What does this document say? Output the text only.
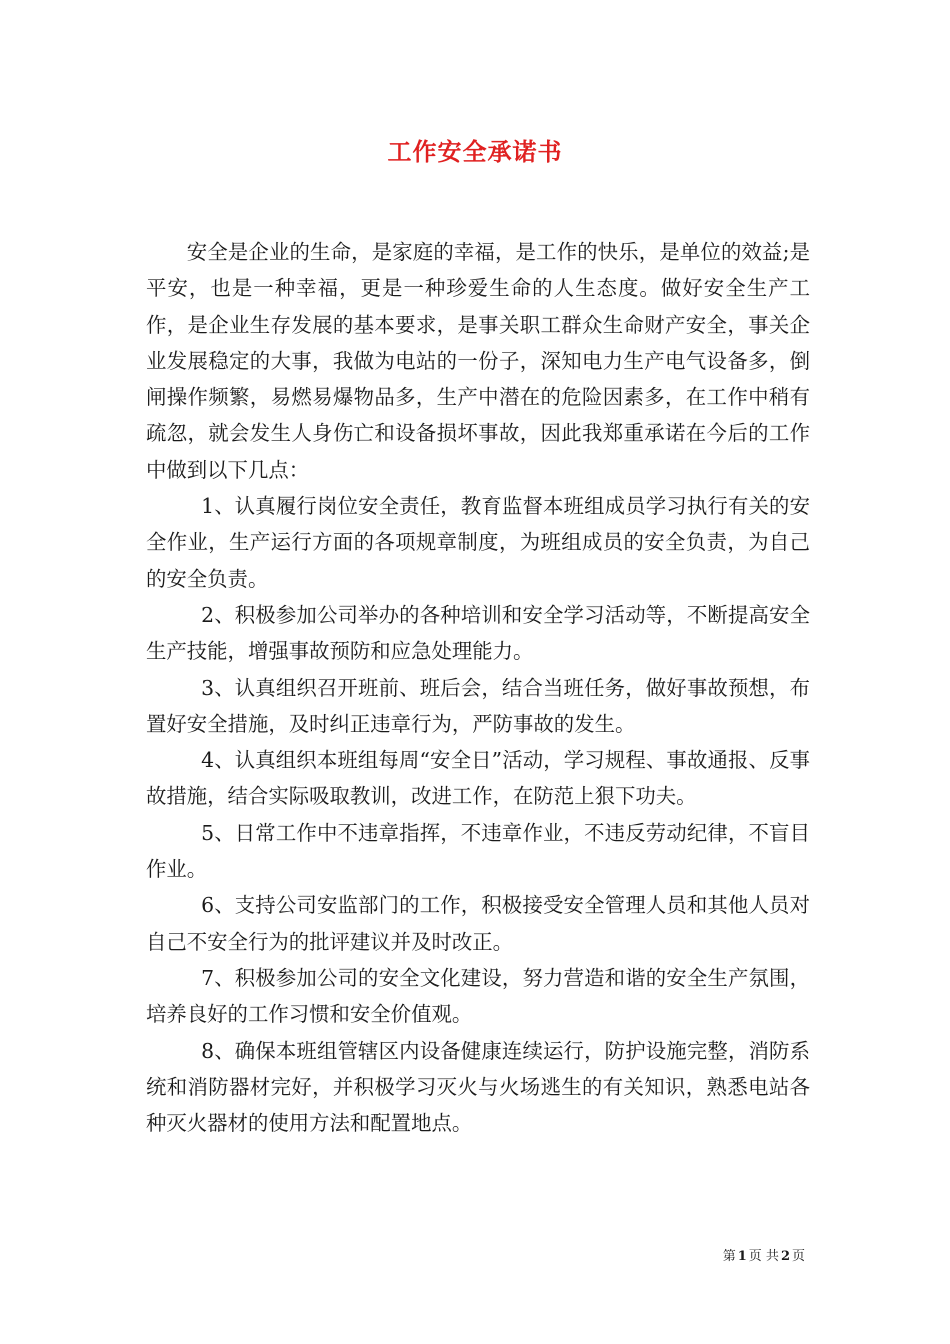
工作安全承诺书

安全是企业的生命，是家庭的幸福，是工作的快乐，是单位的效益;是平安，也是一种幸福，更是一种珍爱生命的人生态度。做好安全生产工作，是企业生存发展的基本要求，是事关职工群众生命财产安全，事关企业发展稳定的大事，我做为电站的一份子，深知电力生产电气设备多，倒闸操作频繁，易燃易爆物品多，生产中潜在的危险因素多，在工作中稍有疏忽，就会发生人身伤亡和设备损坏事故，因此我郑重承诺在今后的工作中做到以下几点：

1、认真履行岗位安全责任，教育监督本班组成员学习执行有关的安全作业，生产运行方面的各项规章制度，为班组成员的安全负责，为自己的安全负责。

2、积极参加公司举办的各种培训和安全学习活动等，不断提高安全生产技能，增强事故预防和应急处理能力。

3、认真组织召开班前、班后会，结合当班任务，做好事故预想，布置好安全措施，及时纠正违章行为，严防事故的发生。

4、认真组织本班组每周“安全日”活动，学习规程、事故通报、反事故措施，结合实际吸取教训，改进工作，在防范上狠下功夫。

5、日常工作中不违章指挥，不违章作业，不违反劳动纪律，不盲目作业。

6、支持公司安监部门的工作，积极接受安全管理人员和其他人员对自己不安全行为的批评建议并及时改正。

7、积极参加公司的安全文化建设，努力营造和谐的安全生产氛围，培养良好的工作习惯和安全价值观。

8、确保本班组管辖区内设备健康连续运行，防护设施完整，消防系统和消防器材完好，并积极学习灭火与火场逃生的有关知识，熟悉电站各种灭火器材的使用方法和配置地点。

第 1 页 共 2 页
